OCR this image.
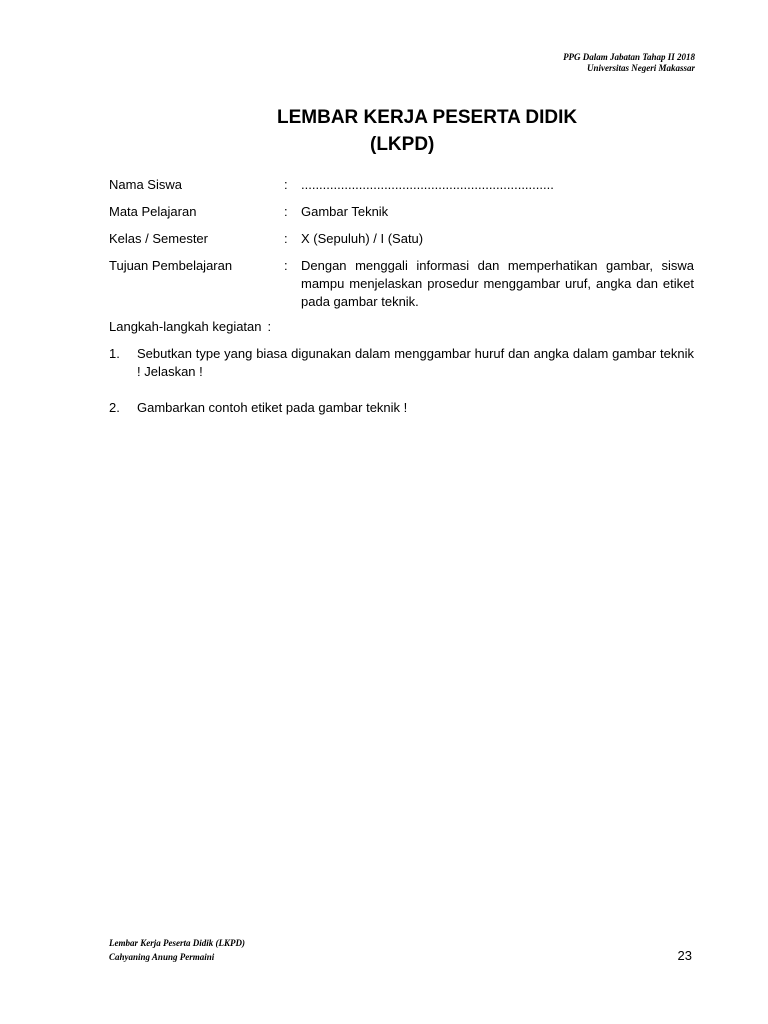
PPG Dalam Jabatan Tahap II 2018
Universitas Negeri Makassar
LEMBAR KERJA PESERTA DIDIK
(LKPD)
Nama Siswa	:	......................................................................
Mata Pelajaran	:	Gambar Teknik
Kelas / Semester	:	X (Sepuluh) / I (Satu)
Tujuan Pembelajaran	:	Dengan menggali informasi dan memperhatikan gambar, siswa mampu menjelaskan prosedur menggambar uruf, angka dan etiket pada gambar teknik.
Langkah-langkah kegiatan :
1.	Sebutkan type yang biasa digunakan dalam menggambar huruf dan angka dalam gambar teknik ! Jelaskan !
2.	Gambarkan contoh etiket pada gambar teknik !
Lembar Kerja Peserta Didik (LKPD)
Cahyaning Anung Permaini	23
